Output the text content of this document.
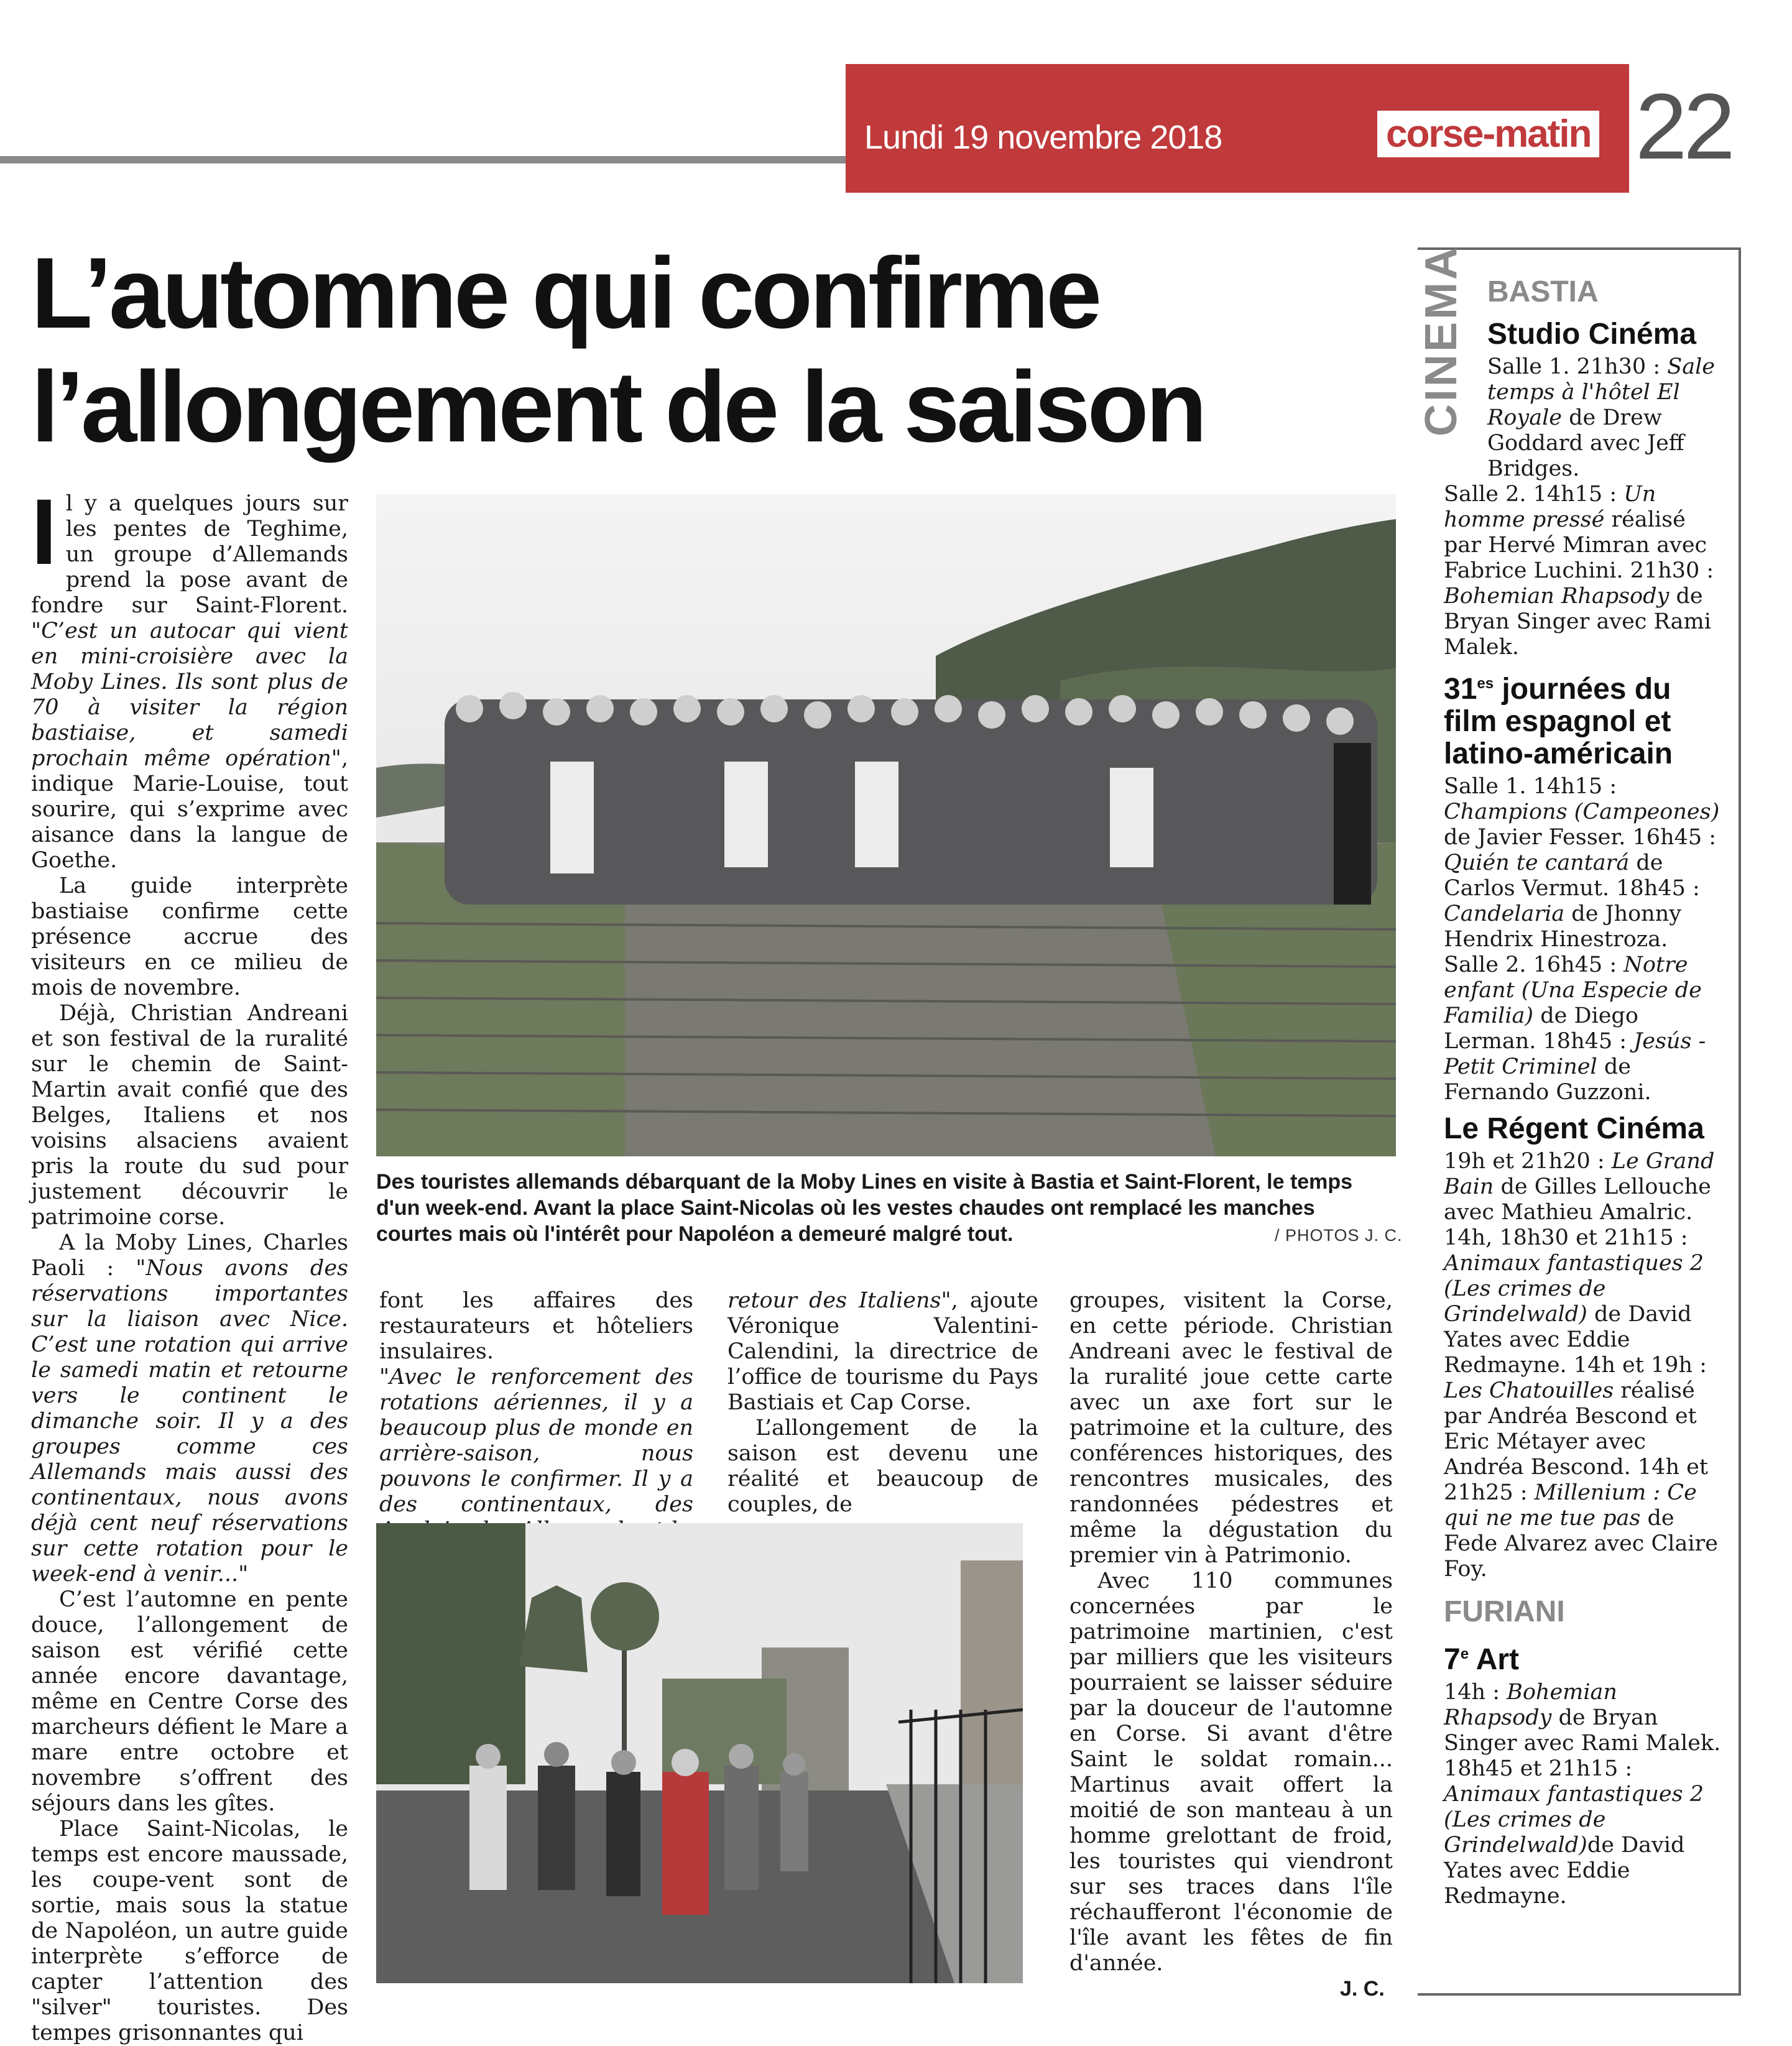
Lundi 19 novembre 2018	corse-matin 22
L’automne qui confirme
l’allongement de la saison

Il y a quelques jours sur les pentes de Teghime, un groupe d’Allemands prend la pose avant de fondre sur Saint-Florent. "C’est un autocar qui vient en mini-croisière avec la Moby Lines. Ils sont plus de 70 à visiter la région bastiaise, et samedi prochain même opération", indique Marie-Louise, tout sourire, qui s’exprime avec aisance dans la langue de Goethe.

La guide interprète bastiaise confirme cette présence accrue des visiteurs en ce milieu de mois de novembre.

Déjà, Christian Andreani et son festival de la ruralité sur le chemin de Saint-Martin avait confié que des Belges, Italiens et nos voisins alsaciens avaient pris la route du sud pour justement découvrir le patrimoine corse.

A la Moby Lines, Charles Paoli : "Nous avons des réservations importantes sur la liaison avec Nice. C’est une rotation qui arrive le samedi matin et retourne vers le continent le dimanche soir. Il y a des groupes comme ces Allemands mais aussi des continentaux, nous avons déjà cent neuf réservations sur cette rotation pour le week-end à venir..."

C’est l’automne en pente douce, l’allongement de saison est vérifié cette année encore davantage, même en Centre Corse des marcheurs défient le Mare a mare entre octobre et novembre s’offrent des séjours dans les gîtes.

Place Saint-Nicolas, le temps est encore maussade, les coupe-vent sont de sortie, mais sous la statue de Napoléon, un autre guide interprète s’efforce de capter l’attention des "silver" touristes. Des tempes grisonnantes qui

Des touristes allemands débarquant de la Moby Lines en visite à Bastia et Saint-Florent, le temps d'un week-end. Avant la place Saint-Nicolas où les vestes chaudes ont remplacé les manches courtes mais où l'intérêt pour Napoléon a demeuré malgré tout.	/ PHOTOS J. C.

font les affaires des restaurateurs et hôteliers insulaires.

"Avec le renforcement des rotations aériennes, il y a beaucoup plus de monde en arrière-saison, nous pouvons le confirmer. Il y a des continentaux, des

retour des Italiens", ajoute Véronique Valentini-Calendini, la directrice de l’office de tourisme du Pays Bastiais et Cap Corse.

L’allongement de la saison est devenu une réalité et beaucoup de couples, de

groupes, visitent la Corse, en cette période. Christian Andreani avec le festival de la ruralité joue cette carte avec un axe fort sur le patrimoine et la culture, des conférences historiques, des rencontres musicales, des randonnées pédestres et même la dégustation du premier vin à Patrimonio.

Avec 110 communes concernées par le patrimoine martinien, c'est par milliers que les visiteurs pourraient se laisser séduire par la douceur de l'automne en Corse. Si avant d'être Saint le soldat romain... Martinus avait offert la moitié de son manteau à un homme grelottant de froid, les touristes qui viendront sur ses traces dans l'île réchaufferont l'économie de l'île avant les fêtes de fin d'année.

J. C.
CINEMA BASTIA
Studio Cinéma

Salle 1. 21h30 : Sale temps à l'hôtel El Royale de Drew Goddard avec Jeff Bridges.

Salle 2. 14h15 : Un homme pressé réalisé par Hervé Mimran avec Fabrice Luchini. 21h30 : Bohemian Rhapsody de Bryan Singer avec Rami Malek.

$31^{es}$ journées du film espagnol et latino-américain

Salle 1. 14h15 : Champions (Campeones) de Javier Fesser. 16h45 : Quién te cantará de Carlos Vermut. 18h45 : Candelaria de Jhonny Hendrix Hinestroza.

Salle 2. 16h45 : Notre enfant (Una Especie de Familia) de Diego Lerman. 18h45 : Jesús - Petit Criminel de Fernando Guzzoni.

Le Régent Cinéma

19h et 21h20 : Le Grand Bain de Gilles Lellouche avec Mathieu Amalric. 14h, 18h30 et 21h15 : Animaux fantastiques 2 (Les crimes de Grindelwald) de David Yates avec Eddie Redmayne. 14h et 19h : Les Chatouilles réalisé par Andréa Bescond et Eric Métayer avec Andréa Bescond. 14h et 21h25 : Millenium : Ce qui ne me tue pas de Fede Alvarez avec Claire Foy.

FURIANI
7e Art

14h : Bohemian Rhapsody de Bryan Singer avec Rami Malek.

18h45 et 21h15 : Animaux fantastiques 2 (Les crimes de Grindelwald)de David Yates avec Eddie Redmayne.
